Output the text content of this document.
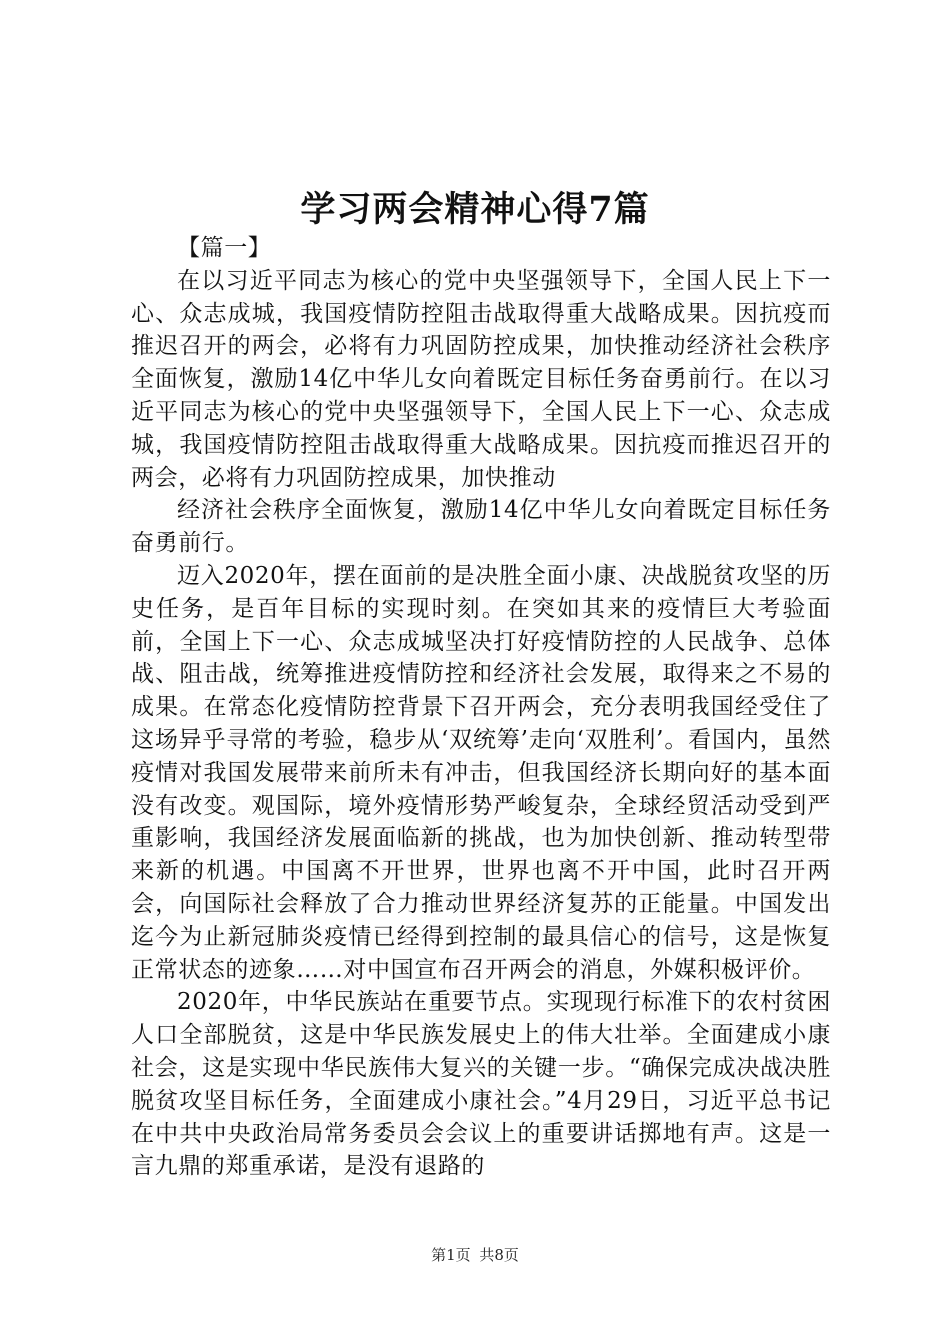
学习两会精神心得7篇

【篇一】

在以习近平同志为核心的党中央坚强领导下，全国人民上下一心、众志成城，我国疫情防控阻击战取得重大战略成果。因抗疫而推迟召开的两会，必将有力巩固防控成果，加快推动经济社会秩序全面恢复，激励14亿中华儿女向着既定目标任务奋勇前行。在以习近平同志为核心的党中央坚强领导下，全国人民上下一心、众志成城，我国疫情防控阻击战取得重大战略成果。因抗疫而推迟召开的两会，必将有力巩固防控成果，加快推动

经济社会秩序全面恢复，激励14亿中华儿女向着既定目标任务奋勇前行。

迈入2020年，摆在面前的是决胜全面小康、决战脱贫攻坚的历史任务，是百年目标的实现时刻。在突如其来的疫情巨大考验面前，全国上下一心、众志成城坚决打好疫情防控的人民战争、总体战、阻击战，统筹推进疫情防控和经济社会发展，取得来之不易的成果。在常态化疫情防控背景下召开两会，充分表明我国经受住了这场异乎寻常的考验，稳步从‘双统筹’走向‘双胜利’。看国内，虽然疫情对我国发展带来前所未有冲击，但我国经济长期向好的基本面没有改变。观国际，境外疫情形势严峻复杂，全球经贸活动受到严重影响，我国经济发展面临新的挑战，也为加快创新、推动转型带来新的机遇。中国离不开世界，世界也离不开中国，此时召开两会，向国际社会释放了合力推动世界经济复苏的正能量。中国发出迄今为止新冠肺炎疫情已经得到控制的最具信心的信号，这是恢复正常状态的迹象……对中国宣布召开两会的消息，外媒积极评价。

2020年，中华民族站在重要节点。实现现行标准下的农村贫困人口全部脱贫，这是中华民族发展史上的伟大壮举。全面建成小康社会，这是实现中华民族伟大复兴的关键一步。“确保完成决战决胜脱贫攻坚目标任务，全面建成小康社会。”4月29日，习近平总书记在中共中央政治局常务委员会会议上的重要讲话掷地有声。这是一言九鼎的郑重承诺，是没有退路的

第1页 共8页
